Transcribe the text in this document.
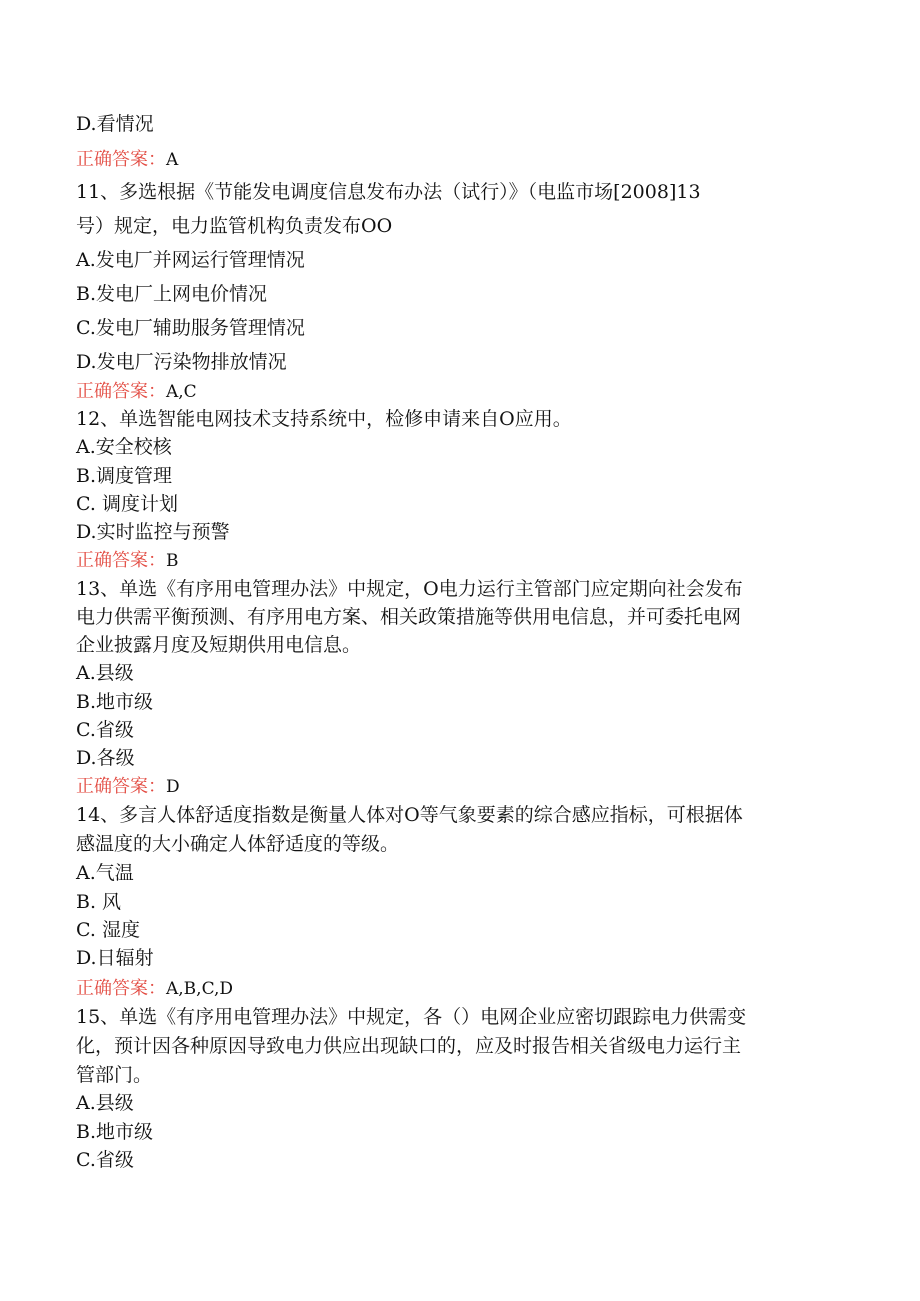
D.看情况
正确答案：A
11、多选根据《节能发电调度信息发布办法（试行）》（电监市场[2008]13
号）规定，电力监管机构负责发布OO
A.发电厂并网运行管理情况
B.发电厂上网电价情况
C.发电厂辅助服务管理情况
D.发电厂污染物排放情况
正确答案：A,C
12、单选智能电网技术支持系统中，检修申请来自O应用。
A.安全校核
B.调度管理
C. 调度计划
D.实时监控与预警
正确答案：B
13、单选《有序用电管理办法》中规定，O电力运行主管部门应定期向社会发布
电力供需平衡预测、有序用电方案、相关政策措施等供用电信息，并可委托电网
企业披露月度及短期供用电信息。
A.县级
B.地市级
C.省级
D.各级
正确答案：D
14、多言人体舒适度指数是衡量人体对O等气象要素的综合感应指标，可根据体
感温度的大小确定人体舒适度的等级。
A.气温
B. 风
C. 湿度
D.日辐射
正确答案：A,B,C,D
15、单选《有序用电管理办法》中规定，各（）电网企业应密切跟踪电力供需变
化，预计因各种原因导致电力供应出现缺口的，应及时报告相关省级电力运行主
管部门。
A.县级
B.地市级
C.省级
